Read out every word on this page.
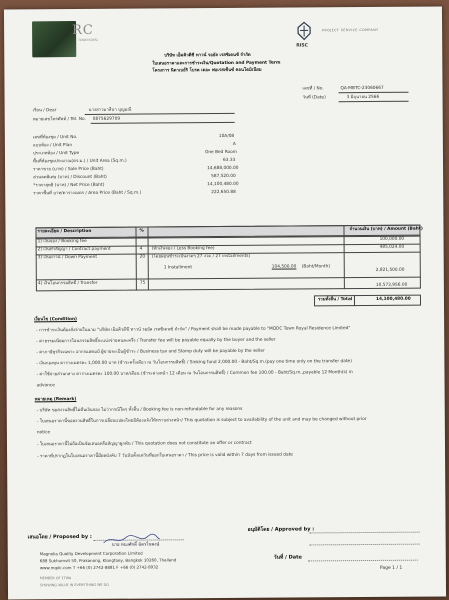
RC
TOWN ROYAL
RISC
PROJECT SERVICE COMPANY
บริษัท เอ็มคิวดีซี ทาวน์ รอยัล เรสซิเดนซ์ จำกัด
ใบเสนอราคาและการชำระเงิน/Quotation and Payment Term
โครงการ นิดาเบย์ริ โบรค เดอะ ฟอเรสเซ็นซ์ คอนโดมิเนียม
เลขที่ / No.	QA-MBTC-23060667
วันที่ (Date)	3 มิถุนายน 2566
เรียน / Dear	นางสาวมาลีนา บุญมณี
หมายเลขโทรศัพท์ / Tel. No. 0875629709
เลขที่ห้องชุด / Unit No.	10A/08
แบบห้อง / Unit Plan	A
ประเภทห้อง / Unit Type	One Bed Room
พื้นที่ห้องชุดประมาณ(ตร.ม.) / Unit Area (Sq.m.)	63.33
ราคาขาย (บาท) / Sale Price (Baht)	14,688,000.00
ส่วนลดพิเศษ (บาท) / Discount (Baht)	587,520.00
*ราคาสุทธิ (บาท) / Net Price (Baht)	14,100,480.00
ราคาพื้นที่ บาท/ตารางเมตร / Area Price (Baht / Sq.m.)	222,650.88
รายละเอียด / Description	%	จำนวนเงิน (บาท) / Amount (Baht)
1) เงินจอง / Booking fee	100,000.00
2) เงินทำสัญญา / Contract payment	4 (หักเงินจอง / Less Booking fee)	485,024.00
3) เงินดาวน์ / Down Payment	20 (โดยผ่อนชำระเป็นงวดๆ 27 งวด / 27 installments)
1 Installment	104,500.00 (Baht/Month)
2,821,500.00
4) เงินโอนกรรมสิทธิ์ / Transfer	75	10,573,956.00
รวมทั้งสิ้น / Total	14,100,480.00
เงื่อนไข (Condition)
- การชำระเงินต้องสั่งจ่ายในนาม "บริษัท เอ็มคิวดีซี ทาวน์ รอยัล เรสซิเดนซ์ จำกัด" / Payment shall be made payable to "MQDC Town Royal Residence Limited"
- ค่าธรรมเนียมการโอนกรรมสิทธิ์จะแบ่งจ่ายคนละครึ่ง / Transfer fee will be payable equally by the buyer and the seller
- ค่าภาษีธุรกิจเฉพาะ อากรแสตมป์ ผู้ขายจะเป็นผู้ชำระ / Business tax and Stamp duty will be payable by the seller
- เงินกองทุน ตารางเมตรละ 1,000.00 บาท (ชำระครั้งเดียว ณ วันโอนกรรมสิทธิ์) / Sinking fund 2,000.00 - Baht/Sq.m.(pay one time only on the transfer date)
- ค่าใช้จ่ายส่วนกลาง ตารางเมตรละ 100.00 บาท/เดือน (ชำระล่วงหน้า 12 เดือน ณ วันโอนกรรมสิทธิ์) / Common fee 100.00 - Baht/Sq.m.,payable 12 Month(s) in
advance
หมายเหตุ (Remark)
- บริษัท ขอสงวนสิทธิ์ไม่คืนเงินจอง ไม่ว่ากรณีใดๆ ทั้งสิ้น / Booking fee is non-refundable for any reasons
- ใบเสนอราคานี้ขอสงวนสิทธิ์ในการเปลี่ยนแปลงโดยมิต้องแจ้งให้ทราบล่วงหน้า/ This quotation is subject to availability of the unit and may be changed without prior
notice
- ใบเสนอราคานี้ไม่ถือเป็นข้อเสนอหรือสัญญาผูกพัน / This quotation does not constitute an offer or contract
- ราคาที่ปรากฏในใบเสนอราคานี้มีผลบังคับ 7 วันนับตั้งแต่วันที่ออกใบเสนอราคา / This price is valid within 7 days from issued date
เสนอโดย / Proposed by :
อนุมัติโดย / Approved by :
นาย ทนงศักดิ์ ฉัตรโนพงษ์
วันที่ / Date
Magnolia Quality Development Corporation Limited
688 Sukhumvit 50, Prakanong, Klongtoey, Bangkok 10260, Thailand
www.mqdc.com T +66 (0) 2742-8881 F +66 (0) 2742-8932
MEMBER OF 1TWA
SHOWING VALUE IN EVERYTHING WE DO
Page 1 / 1
